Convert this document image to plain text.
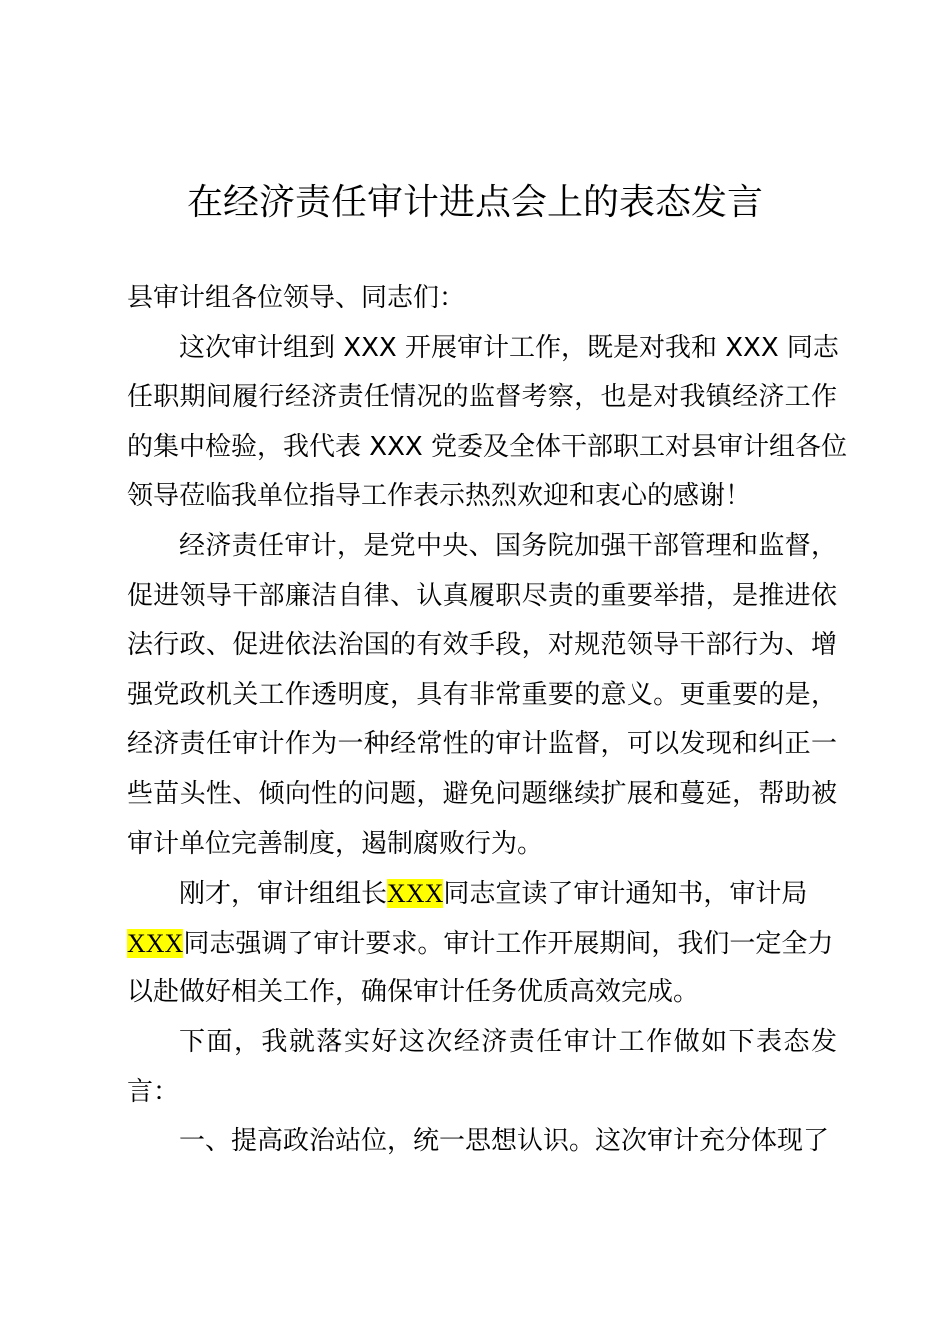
在经济责任审计进点会上的表态发言
县审计组各位领导、同志们：
这次审计组到 XXX 开展审计工作，既是对我和 XXX 同志
任职期间履行经济责任情况的监督考察，也是对我镇经济工作
的集中检验，我代表 XXX 党委及全体干部职工对县审计组各位
领导莅临我单位指导工作表示热烈欢迎和衷心的感谢！
经济责任审计，是党中央、国务院加强干部管理和监督，
促进领导干部廉洁自律、认真履职尽责的重要举措，是推进依
法行政、促进依法治国的有效手段，对规范领导干部行为、增
强党政机关工作透明度，具有非常重要的意义。更重要的是，
经济责任审计作为一种经常性的审计监督，可以发现和纠正一
些苗头性、倾向性的问题，避免问题继续扩展和蔓延，帮助被
审计单位完善制度，遏制腐败行为。
刚才，审计组组长XXX同志宣读了审计通知书，审计局
XXX同志强调了审计要求。审计工作开展期间，我们一定全力
以赴做好相关工作，确保审计任务优质高效完成。
下面，我就落实好这次经济责任审计工作做如下表态发
言：
一、提高政治站位，统一思想认识。这次审计充分体现了
